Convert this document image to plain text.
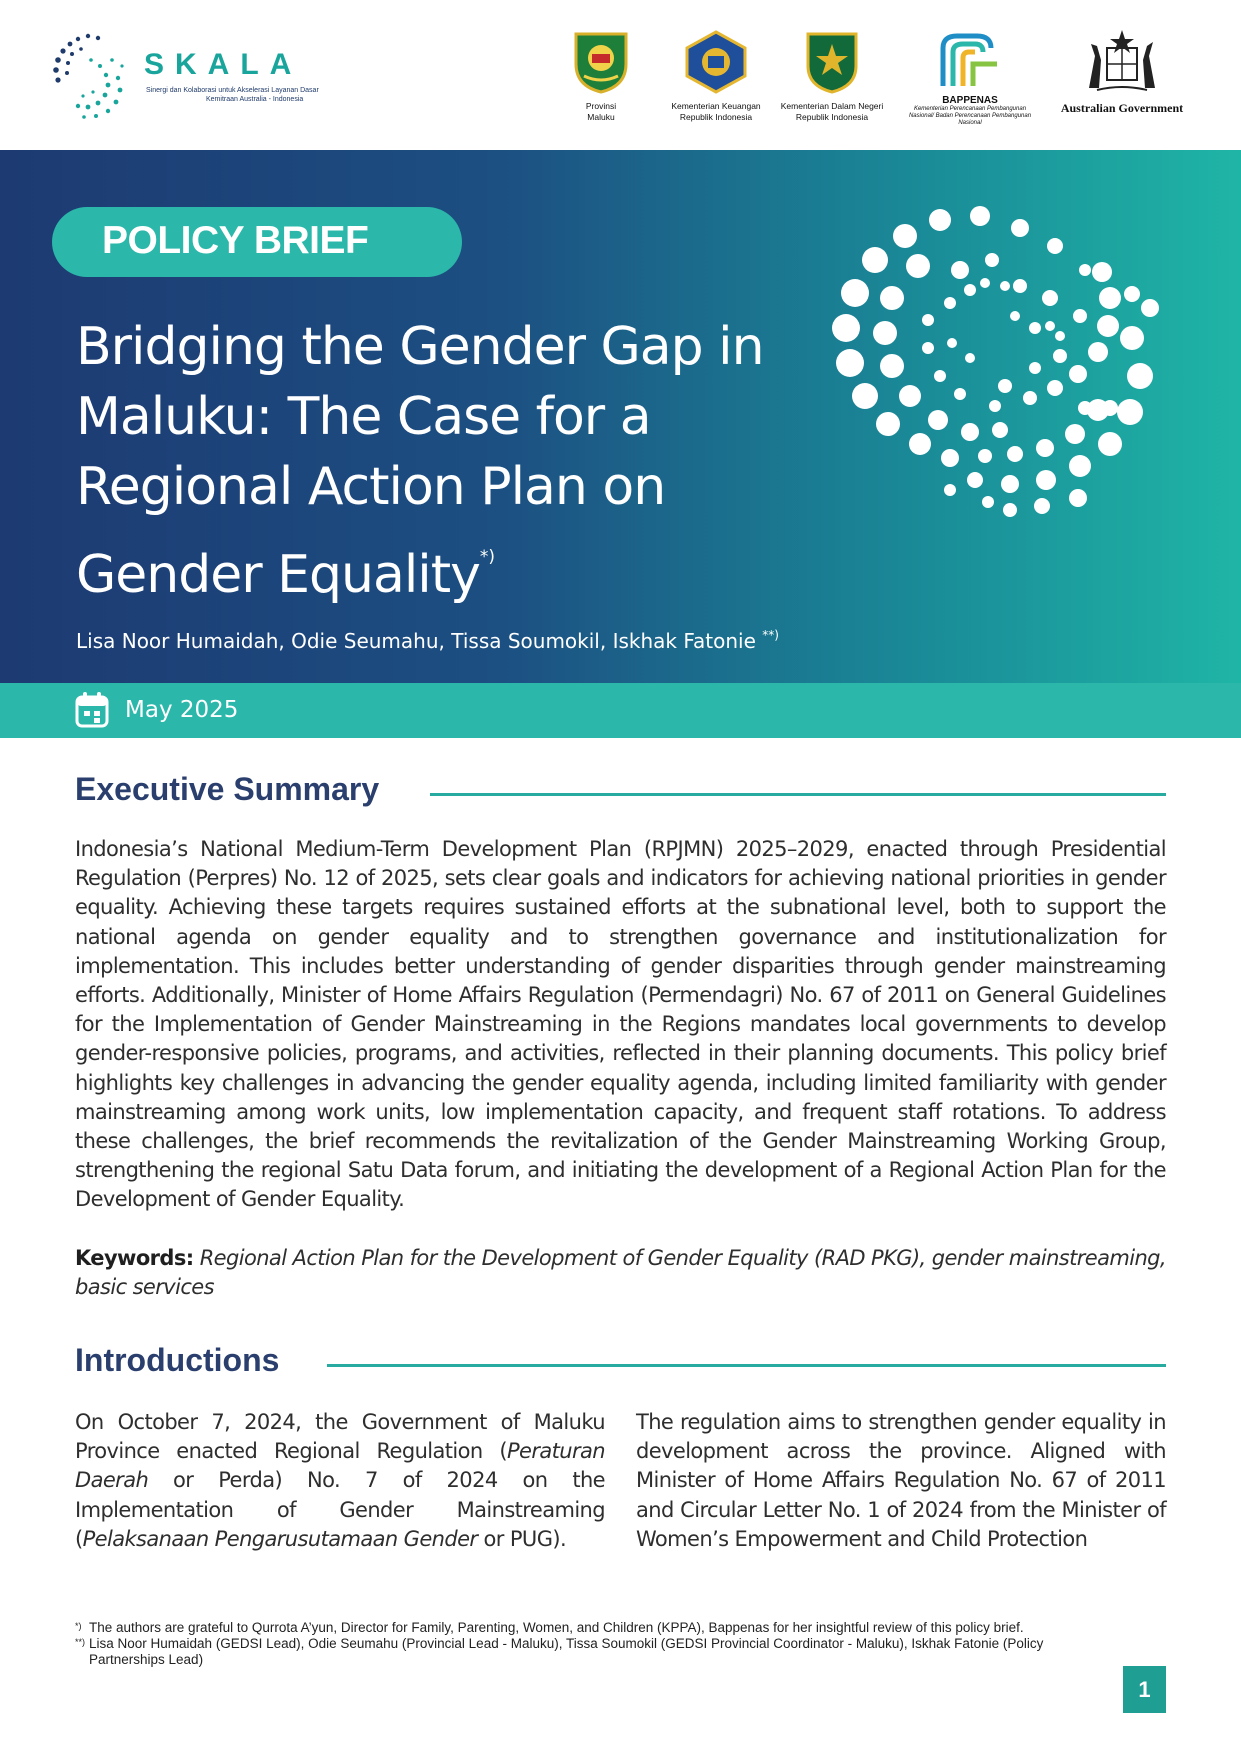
SKALA
Sinergi dan Kolaborasi untuk Akselerasi Layanan Dasar
Kemitraan Australia - Indonesia
Provinsi
Maluku
Kementerian Keuangan
Republik Indonesia
Kementerian Dalam Negeri
Republik Indonesia
BAPPENAS
Kementerian Perencanaan Pembangunan Nasional/ Badan Perencanaan Pembangunan Nasional
Australian Government
POLICY BRIEF
Bridging the Gender Gap in Maluku: The Case for a Regional Action Plan on Gender Equality*)
Lisa Noor Humaidah, Odie Seumahu, Tissa Soumokil, Iskhak Fatonie **)
May 2025
Executive Summary
Indonesia’s National Medium-Term Development Plan (RPJMN) 2025–2029, enacted through Presidential Regulation (Perpres) No. 12 of 2025, sets clear goals and indicators for achieving national priorities in gender equality. Achieving these targets requires sustained efforts at the subnational level, both to support the national agenda on gender equality and to strengthen governance and institutionalization for implementation. This includes better understanding of gender disparities through gender mainstreaming efforts. Additionally, Minister of Home Affairs Regulation (Permendagri) No. 67 of 2011 on General Guidelines for the Implementation of Gender Mainstreaming in the Regions mandates local governments to develop gender-responsive policies, programs, and activities, reflected in their planning documents. This policy brief highlights key challenges in advancing the gender equality agenda, including limited familiarity with gender mainstreaming among work units, low implementation capacity, and frequent staff rotations. To address these challenges, the brief recommends the revitalization of the Gender Mainstreaming Working Group, strengthening the regional Satu Data forum, and initiating the development of a Regional Action Plan for the Development of Gender Equality.
Keywords: Regional Action Plan for the Development of Gender Equality (RAD PKG), gender mainstreaming, basic services
Introductions
On October 7, 2024, the Government of Maluku Province enacted Regional Regulation (Peraturan Daerah or Perda) No. 7 of 2024 on the Implementation of Gender Mainstreaming (Pelaksanaan Pengarusutamaan Gender or PUG).
The regulation aims to strengthen gender equality in development across the province. Aligned with Minister of Home Affairs Regulation No. 67 of 2011 and Circular Letter No. 1 of 2024 from the Minister of Women’s Empowerment and Child Protection

*) The authors are grateful to Qurrota A’yun, Director for Family, Parenting, Women, and Children (KPPA), Bappenas for her insightful review of this policy brief.

**) Lisa Noor Humaidah (GEDSI Lead), Odie Seumahu (Provincial Lead - Maluku), Tissa Soumokil (GEDSI Provincial Coordinator - Maluku), Iskhak Fatonie (Policy Partnerships Lead)

1
